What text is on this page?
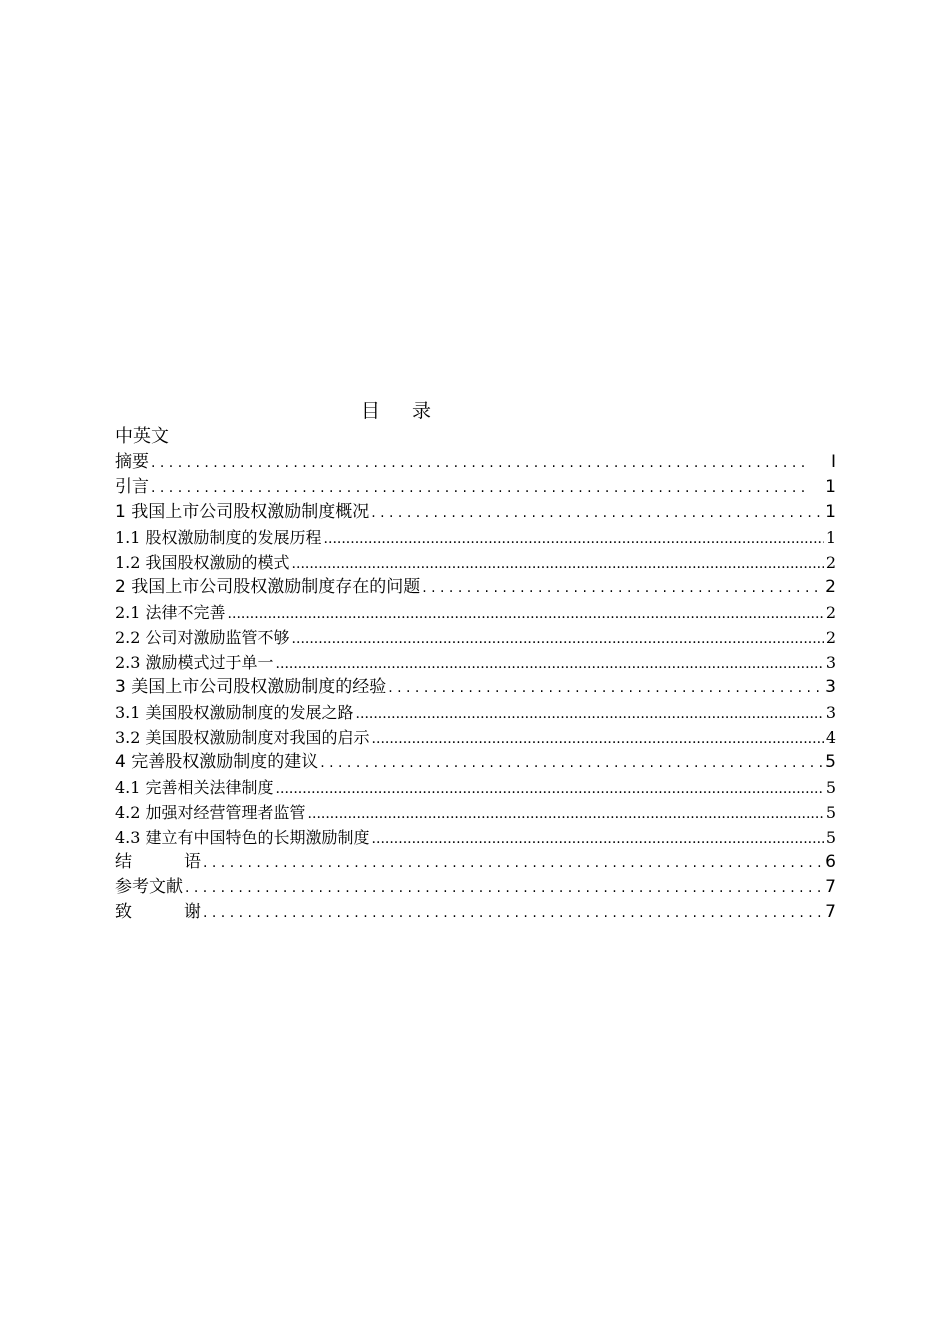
目 录
中英文
摘要 . . .	I
引言 . . .	1
1 我国上市公司股权激励制度概况 . . .	1
1.1 股权激励制度的发展历程 .....	1
1.2 我国股权激励的模式 .....	2
2 我国上市公司股权激励制度存在的问题 . . .	2
2.1 法律不完善 .....	2
2.2 公司对激励监管不够 .....	2
2.3 激励模式过于单一 .....	3
3 美国上市公司股权激励制度的经验 . . .	3
3.1 美国股权激励制度的发展之路 .....	3
3.2 美国股权激励制度对我国的启示 .....	4
4 完善股权激励制度的建议 . . .	5
4.1 完善相关法律制度 .....	5
4.2 加强对经营管理者监管 .....	5
4.3 建立有中国特色的长期激励制度 .....	5
结	语 . . .	6
参考文献 . . .	7
致	谢 . . .	7
